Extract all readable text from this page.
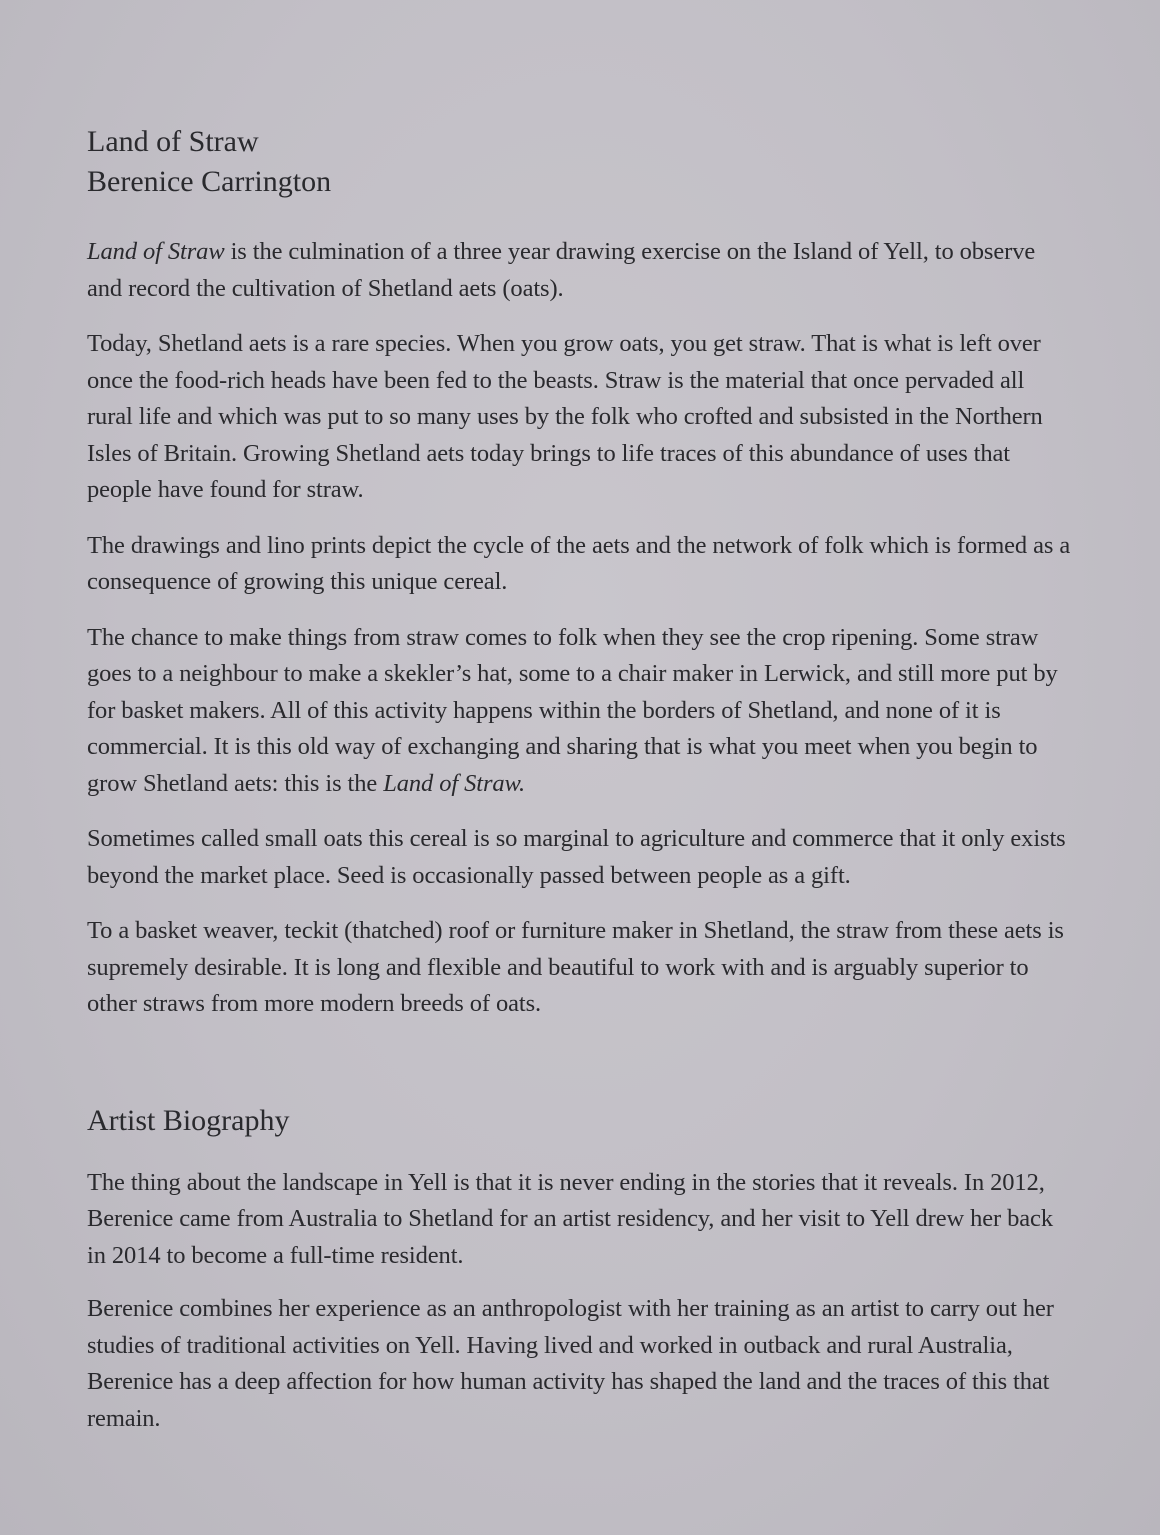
Land of Straw
Berenice Carrington

Land of Straw is the culmination of a three year drawing exercise on the Island of Yell, to observe and record the cultivation of Shetland aets (oats).

Today, Shetland aets is a rare species. When you grow oats, you get straw. That is what is left over once the food-rich heads have been fed to the beasts. Straw is the material that once pervaded all rural life and which was put to so many uses by the folk who crofted and subsisted in the Northern Isles of Britain. Growing Shetland aets today brings to life traces of this abundance of uses that people have found for straw.

The drawings and lino prints depict the cycle of the aets and the network of folk which is formed as a consequence of growing this unique cereal.

The chance to make things from straw comes to folk when they see the crop ripening. Some straw goes to a neighbour to make a skekler’s hat, some to a chair maker in Lerwick, and still more put by for basket makers. All of this activity happens within the borders of Shetland, and none of it is commercial. It is this old way of exchanging and sharing that is what you meet when you begin to grow Shetland aets: this is the Land of Straw.

Sometimes called small oats this cereal is so marginal to agriculture and commerce that it only exists beyond the market place. Seed is occasionally passed between people as a gift.

To a basket weaver, teckit (thatched) roof or furniture maker in Shetland, the straw from these aets is supremely desirable. It is long and flexible and beautiful to work with and is arguably superior to other straws from more modern breeds of oats.

Artist Biography

The thing about the landscape in Yell is that it is never ending in the stories that it reveals. In 2012, Berenice came from Australia to Shetland for an artist residency, and her visit to Yell drew her back in 2014 to become a full-time resident.

Berenice combines her experience as an anthropologist with her training as an artist to carry out her studies of traditional activities on Yell. Having lived and worked in outback and rural Australia, Berenice has a deep affection for how human activity has shaped the land and the traces of this that remain.
